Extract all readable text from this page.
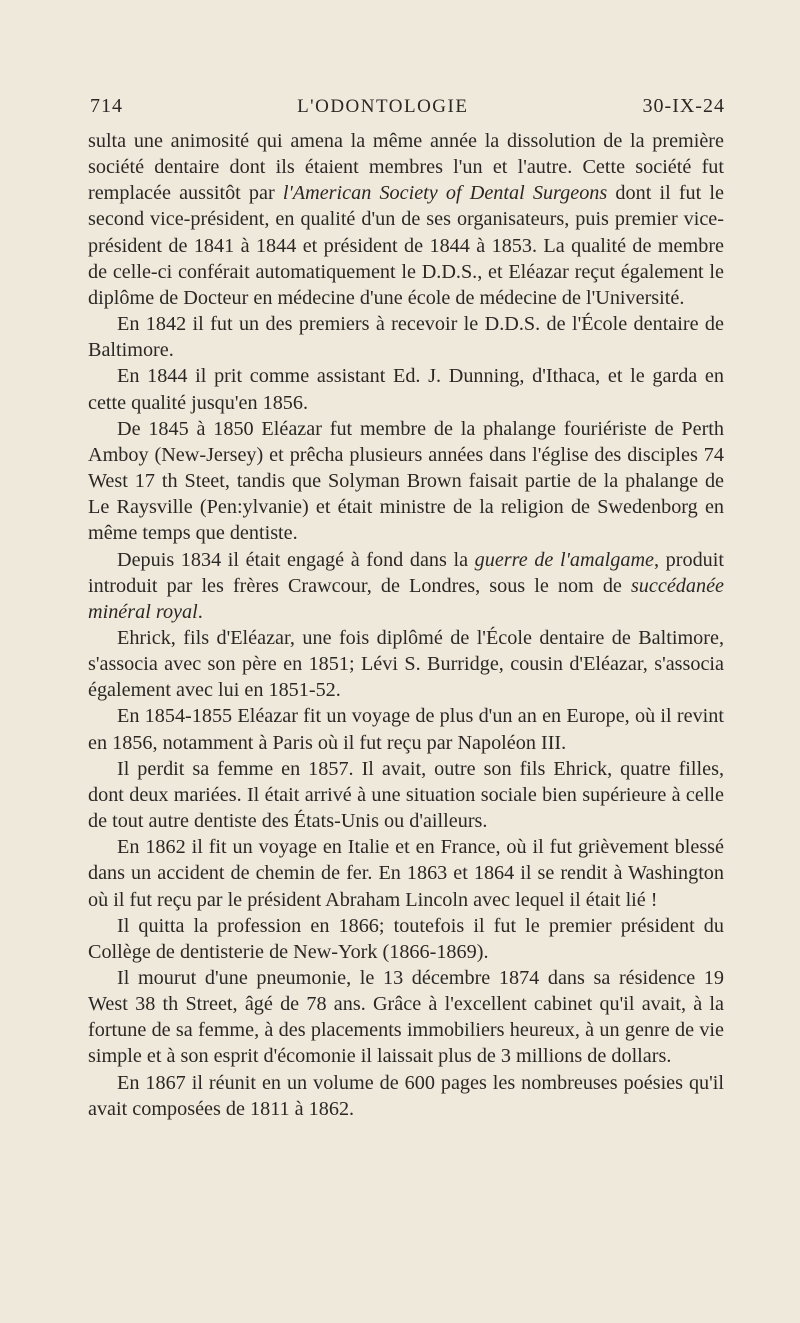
714	L'ODONTOLOGIE	30-IX-24

sulta une animosité qui amena la même année la dissolution de la première société dentaire dont ils étaient membres l'un et l'autre. Cette société fut remplacée aussitôt par l'American Society of Dental Surgeons dont il fut le second vice-président, en qualité d'un de ses organisateurs, puis premier vice-président de 1841 à 1844 et président de 1844 à 1853. La qualité de membre de celle-ci conférait automatiquement le D.D.S., et Eléazar reçut également le diplôme de Docteur en médecine d'une école de médecine de l'Université.

En 1842 il fut un des premiers à recevoir le D.D.S. de l'École dentaire de Baltimore.

En 1844 il prit comme assistant Ed. J. Dunning, d'Ithaca, et le garda en cette qualité jusqu'en 1856.

De 1845 à 1850 Eléazar fut membre de la phalange fouriériste de Perth Amboy (New-Jersey) et prêcha plusieurs années dans l'église des disciples 74 West 17 th Steet, tandis que Solyman Brown faisait partie de la phalange de Le Raysville (Pen:ylvanie) et était ministre de la religion de Swedenborg en même temps que dentiste.

Depuis 1834 il était engagé à fond dans la guerre de l'amalgame, produit introduit par les frères Crawcour, de Londres, sous le nom de succédanée minéral royal.

Ehrick, fils d'Eléazar, une fois diplômé de l'École dentaire de Baltimore, s'associa avec son père en 1851; Lévi S. Burridge, cousin d'Eléazar, s'associa également avec lui en 1851-52.

En 1854-1855 Eléazar fit un voyage de plus d'un an en Europe, où il revint en 1856, notamment à Paris où il fut reçu par Napoléon III.

Il perdit sa femme en 1857. Il avait, outre son fils Ehrick, quatre filles, dont deux mariées. Il était arrivé à une situation sociale bien supérieure à celle de tout autre dentiste des États-Unis ou d'ailleurs.

En 1862 il fit un voyage en Italie et en France, où il fut grièvement blessé dans un accident de chemin de fer. En 1863 et 1864 il se rendit à Washington où il fut reçu par le président Abraham Lincoln avec lequel il était lié !

Il quitta la profession en 1866; toutefois il fut le premier président du Collège de dentisterie de New-York (1866-1869).

Il mourut d'une pneumonie, le 13 décembre 1874 dans sa résidence 19 West 38 th Street, âgé de 78 ans. Grâce à l'excellent cabinet qu'il avait, à la fortune de sa femme, à des placements immobiliers heureux, à un genre de vie simple et à son esprit d'écomonie il laissait plus de 3 millions de dollars.

En 1867 il réunit en un volume de 600 pages les nombreuses poésies qu'il avait composées de 1811 à 1862.
